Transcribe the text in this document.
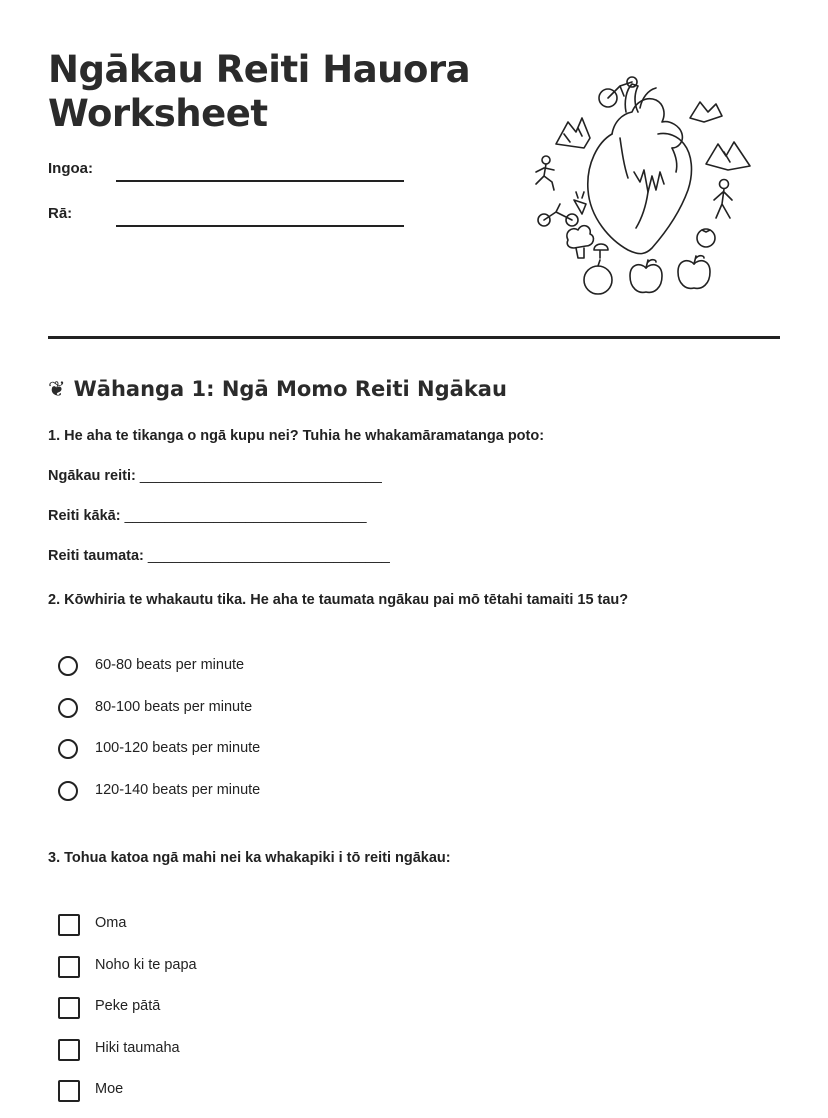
Ngākau Reiti Hauora
Worksheet
Ingoa:
Rā:
❦ Wāhanga 1: Ngā Momo Reiti Ngākau
1. He aha te tikanga o ngā kupu nei? Tuhia he whakamāramatanga poto:
Ngākau reiti: ______________________________
Reiti kākā: ______________________________
Reiti taumata: ______________________________
2. Kōwhiria te whakautu tika. He aha te taumata ngākau pai mō tētahi tamaiti 15 tau?
60-80 beats per minute
80-100 beats per minute
100-120 beats per minute
120-140 beats per minute
3. Tohua katoa ngā mahi nei ka whakapiki i tō reiti ngākau:
Oma
Noho ki te papa
Peke pātā
Hiki taumaha
Moe
